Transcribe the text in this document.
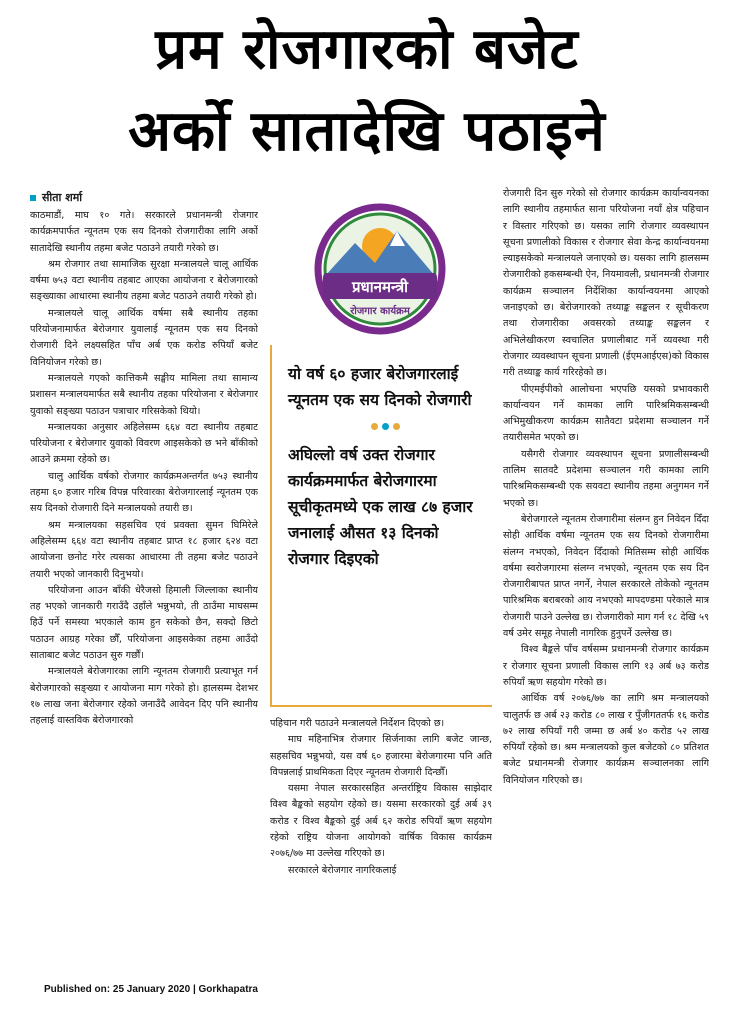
प्रम रोजगारको बजेट
अर्को सातादेखि पठाइने
सीता शर्मा

काठमाडौं, माघ १० गते। सरकारले प्रधानमन्त्री रोजगार कार्यक्रमपार्फत न्यूनतम एक सय दिनको रोजगारीका लागि अर्को सातादेखि स्थानीय तहमा बजेट पठाउने तयारी गरेको छ।

श्रम रोजगार तथा सामाजिक सुरक्षा मन्त्रालयले चालू आर्थिक वर्षमा ७५३ वटा स्थानीय तहबाट आएका आयोजना र बेरोजगारको सङ्ख्याका आधारमा स्थानीय तहमा बजेट पठाउने तयारी गरेको हो।

मन्त्रालयले चालू आर्थिक वर्षमा सबै स्थानीय तहका परियोजनामार्फत बेरोजगार युवालाई न्यूनतम एक सय दिनको रोजगारी दिने लक्ष्यसहित पाँच अर्ब एक करोड रुपियाँ बजेट विनियोजन गरेको छ।

मन्त्रालयले गएको कात्तिकमै सङ्घीय मामिला तथा सामान्य प्रशासन मन्त्रालयमार्फत सबै स्थानीय तहका परियोजना र बेरोजगार युवाको सङ्ख्या पठाउन पत्राचार गरिसकेको थियो।

मन्त्रालयका अनुसार अहिलेसम्म ६६४ वटा स्थानीय तहबाट परियोजना र बेरोजगार युवाको विवरण आइसकेको छ भने बाँकीको आउने क्रममा रहेको छ।

चालु आर्थिक वर्षको रोजगार कार्यक्रमअन्तर्गत ७५३ स्थानीय तहमा ६० हजार गरिब विपन्न परिवारका बेरोजगारलाई न्यूनतम एक सय दिनको रोजगारी दिने मन्त्रालयको तयारी छ।

श्रम मन्त्रालयका सहसचिव एवं प्रवक्ता सुमन घिमिरेले अहिलेसम्म ६६४ वटा स्थानीय तहबाट प्राप्त १८ हजार ६२४ वटा आयोजना छनोट गरेर त्यसका आधारमा ती तहमा बजेट पठाउने तयारी भएको जानकारी दिनुभयो।

परियोजना आउन बाँकी धेरैजसो हिमाली जिल्लाका स्थानीय तह भएको जानकारी गराउँदै उहाँले भन्नुभयो, ती ठाउँमा माघसम्म हिउँ पर्ने समस्या भएकाले काम हुन सकेको छैन, सक्दो छिटो पठाउन आग्रह गरेका छौँ, परियोजना आइसकेका तहमा आउँदो साताबाट बजेट पठाउन सुरु गर्छौं।

मन्त्रालयले बेरोजगारका लागि न्यूनतम रोजगारी प्रत्याभूत गर्न बेरोजगारको सङ्ख्या र आयोजना माग गरेको हो। हालसम्म देशभर १७ लाख जना बेरोजगार रहेको जनाउँदै आवेदन दिए पनि स्थानीय तहलाई वास्तविक बेरोजगारको

प्रधानमन्त्री
रोजगार कार्यक्रम
यो वर्ष ६० हजार बेरोजगारलाई न्यूनतम एक सय दिनको रोजगारी
अघिल्लो वर्ष उक्त रोजगार कार्यक्रममार्फत बेरोजगारमा सूचीकृतमध्ये एक लाख ८७ हजार जनालाई औसत १३ दिनको रोजगार दिइएको

पहिचान गरी पठाउने मन्त्रालयले निर्देशन दिएको छ।

माघ महिनाभित्र रोजगार सिर्जनाका लागि बजेट जान्छ, सहसचिव भन्नुभयो, यस वर्ष ६० हजारमा बेरोजगारमा पनि अति विपन्नलाई प्राथमिकता दिएर न्यूनतम रोजगारी दिन्छौँ।

यसमा नेपाल सरकारसहित अन्तर्राष्ट्रिय विकास साझेदार विश्व बैङ्कको सहयोग रहेको छ। यसमा सरकारको दुई अर्ब ३९ करोड र विश्व बैङ्कको दुई अर्ब ६२ करोड रुपियाँ ऋण सहयोग रहेको राष्ट्रिय योजना आयोगको वार्षिक विकास कार्यक्रम २०७६/७७ मा उल्लेख गरिएको छ।

सरकारले बेरोजगार नागरिकलाई

रोजगारी दिन सुरु गरेको सो रोजगार कार्यक्रम कार्यान्वयनका लागि स्थानीय तहमार्फत साना परियोजना नयाँ क्षेत्र पहिचान र विस्तार गरिएको छ। यसका लागि रोजगार व्यवस्थापन सूचना प्रणालीको विकास र रोजगार सेवा केन्द्र कार्यान्वयनमा ल्याइसकेको मन्त्रालयले जनाएको छ। यसका लागि हालसम्म रोजगारीको हकसम्बन्धी ऐन, नियमावली, प्रधानमन्त्री रोजगार कार्यक्रम सञ्चालन निर्देशिका कार्यान्वयनमा आएको जनाइएको छ। बेरोजगारको तथ्याङ्क सङ्कलन र सूचीकरण तथा रोजगारीका अवसरको तथ्याङ्क सङ्कलन र अभिलेखीकरण स्वचालित प्रणालीबाट गर्ने व्यवस्था गरी रोजगार व्यवस्थापन सूचना प्रणाली (ईएमआईएस)को विकास गरी तथ्याङ्क कार्य गरिरहेको छ।

पीएमईपीको आलोचना भएपछि यसको प्रभावकारी कार्यान्वयन गर्ने कामका लागि पारिश्रमिकसम्बन्धी अभिमुखीकरण कार्यक्रम सातैवटा प्रदेशमा सञ्चालन गर्ने तयारीसमेत भएको छ।

यसैगरी रोजगार व्यवस्थापन सूचना प्रणालीसम्बन्धी तालिम सातवटै प्रदेशमा सञ्चालन गरी कामका लागि पारिश्रमिकसम्बन्धी एक सयवटा स्थानीय तहमा अनुगमन गर्ने भएको छ।

बेरोजगारले न्यूनतम रोजगारीमा संलग्न हुन निवेदन दिँदा सोही आर्थिक वर्षमा न्यूनतम एक सय दिनको रोजगारीमा संलग्न नभएको, निवेदन दिँदाको मितिसम्म सोही आर्थिक वर्षमा स्वरोजगारमा संलग्न नभएको, न्यूनतम एक सय दिन रोजगारीबापत प्राप्त नगर्ने, नेपाल सरकारले तोकेको न्यूनतम पारिश्रमिक बराबरको आय नभएको मापदण्डमा परेकाले मात्र रोजगारी पाउने उल्लेख छ। रोजगारीको माग गर्न १८ देखि ५९ वर्ष उमेर समूह नेपाली नागरिक हुनुपर्ने उल्लेख छ।

विश्व बैङ्कले पाँच वर्षसम्म प्रधानमन्त्री रोजगार कार्यक्रम र रोजगार सूचना प्रणाली विकास लागि १३ अर्ब ७३ करोड रुपियाँ ऋण सहयोग गरेको छ।

आर्थिक वर्ष २०७६/७७ का लागि श्रम मन्त्रालयको चालुतर्फ छ अर्ब २३ करोड ८० लाख र पुँजीगततर्फ १६ करोड ७२ लाख रुपियाँ गरी जम्मा छ अर्ब ४० करोड ५२ लाख रुपियाँ रहेको छ। श्रम मन्त्रालयको कुल बजेटको ८० प्रतिशत बजेट प्रधानमन्त्री रोजगार कार्यक्रम सञ्चालनका लागि विनियोजन गरिएको छ।

Published on: 25 January 2020 | Gorkhapatra
